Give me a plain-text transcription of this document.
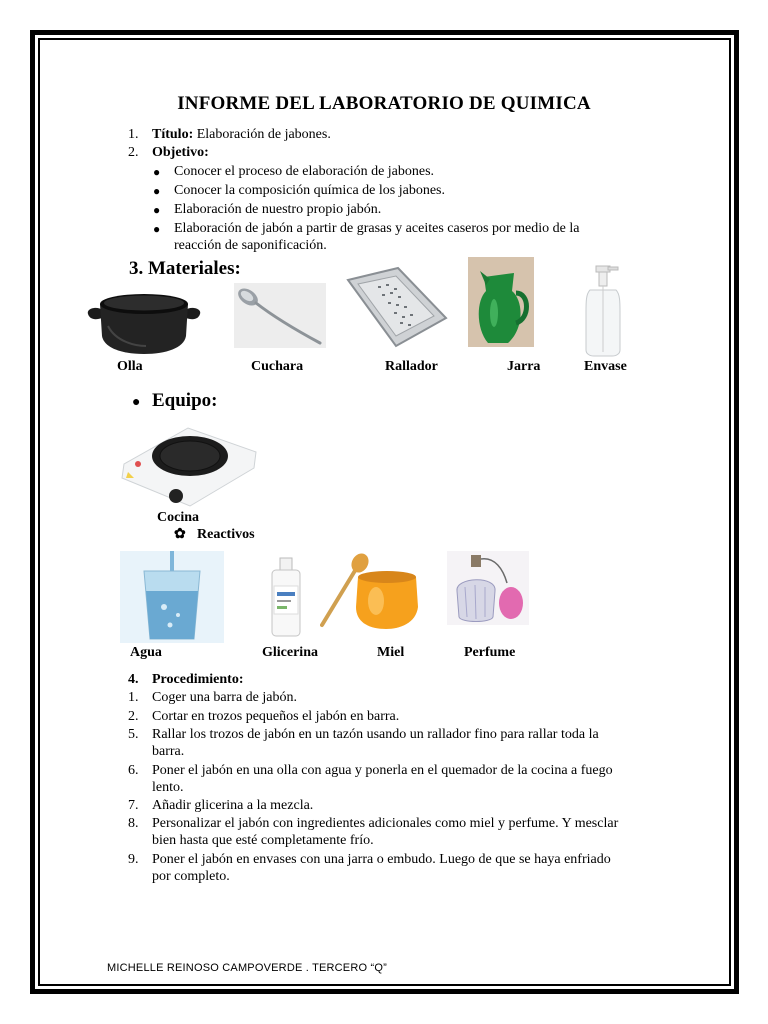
INFORME DEL LABORATORIO DE QUIMICA
1. Título: Elaboración de jabones.
2. Objetivo:
● Conocer el proceso de elaboración de jabones.
● Conocer la composición química de los jabones.
● Elaboración de nuestro propio jabón.
● Elaboración de jabón a partir de grasas y aceites caseros por medio de la
reacción de saponificación.
3. Materiales:
Olla	Cuchara	Rallador	Jarra	Envase
● Equipo:
Cocina
✿ Reactivos
Agua	Glicerina	Miel	Perfume
4. Procedimiento:
1. Coger una barra de jabón.
2. Cortar en trozos pequeños el jabón en barra.
5. Rallar los trozos de jabón en un tazón usando un rallador fino para rallar toda la
barra.
6. Poner el jabón en una olla con agua y ponerla en el quemador de la cocina a fuego
lento.
7. Añadir glicerina a la mezcla.
8. Personalizar el jabón con ingredientes adicionales como miel y perfume. Y mesclar
bien hasta que esté completamente frío.
9. Poner el jabón en envases con una jarra o embudo. Luego de que se haya enfriado
por completo.
MICHELLE REINOSO CAMPOVERDE . TERCERO “Q”
